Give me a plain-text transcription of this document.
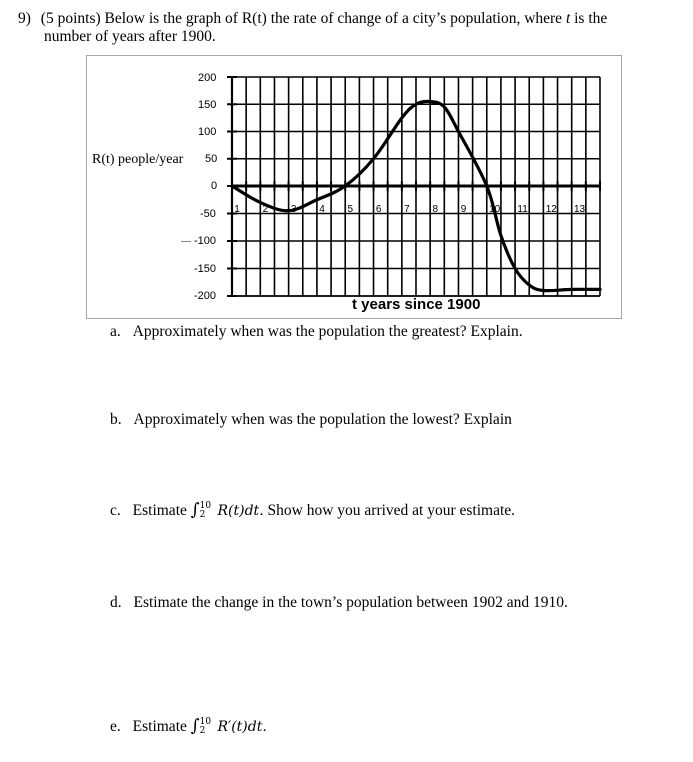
9) (5 points) Below is the graph of R(t) the rate of change of a city’s population, where t is the
number of years after 1900.
R(t) people/year
200
150
100
50
0
-50
-100
-150
-200
1 2 3 4 5 6 7 8 9 10 11 12 13
t years since 1900
a. Approximately when was the population the greatest? Explain.
b. Approximately when was the population the lowest? Explain
c. Estimate ∫ 10
2 R(t)dt. Show how you arrived at your estimate.
d. Estimate the change in the town’s population between 1902 and 1910.
e. Estimate ∫ 10
2 R′(t)dt.
